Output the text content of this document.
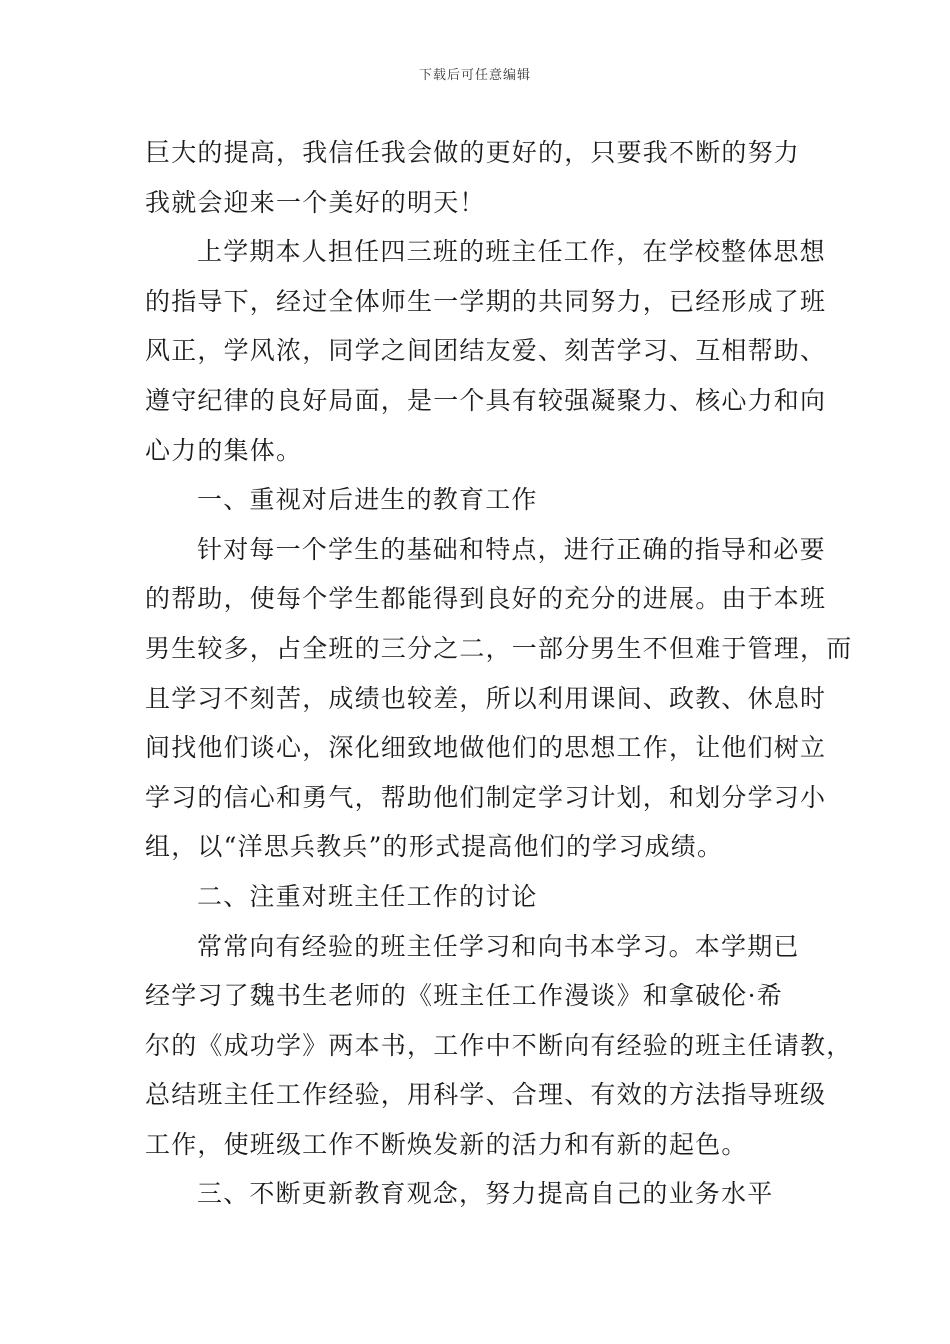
下载后可任意编辑
巨大的提高，我信任我会做的更好的，只要我不断的努力
我就会迎来一个美好的明天！
上学期本人担任四三班的班主任工作，在学校整体思想
的指导下，经过全体师生一学期的共同努力，已经形成了班
风正，学风浓，同学之间团结友爱、刻苦学习、互相帮助、
遵守纪律的良好局面，是一个具有较强凝聚力、核心力和向
心力的集体。
一、重视对后进生的教育工作
针对每一个学生的基础和特点，进行正确的指导和必要
的帮助，使每个学生都能得到良好的充分的进展。由于本班
男生较多，占全班的三分之二，一部分男生不但难于管理，而
且学习不刻苦，成绩也较差，所以利用课间、政教、休息时
间找他们谈心，深化细致地做他们的思想工作，让他们树立
学习的信心和勇气，帮助他们制定学习计划，和划分学习小
组，以“洋思兵教兵”的形式提高他们的学习成绩。
二、注重对班主任工作的讨论
常常向有经验的班主任学习和向书本学习。本学期已
经学习了魏书生老师的《班主任工作漫谈》和拿破伦·希
尔的《成功学》两本书，工作中不断向有经验的班主任请教，
总结班主任工作经验，用科学、合理、有效的方法指导班级
工作，使班级工作不断焕发新的活力和有新的起色。
三、不断更新教育观念，努力提高自己的业务水平
